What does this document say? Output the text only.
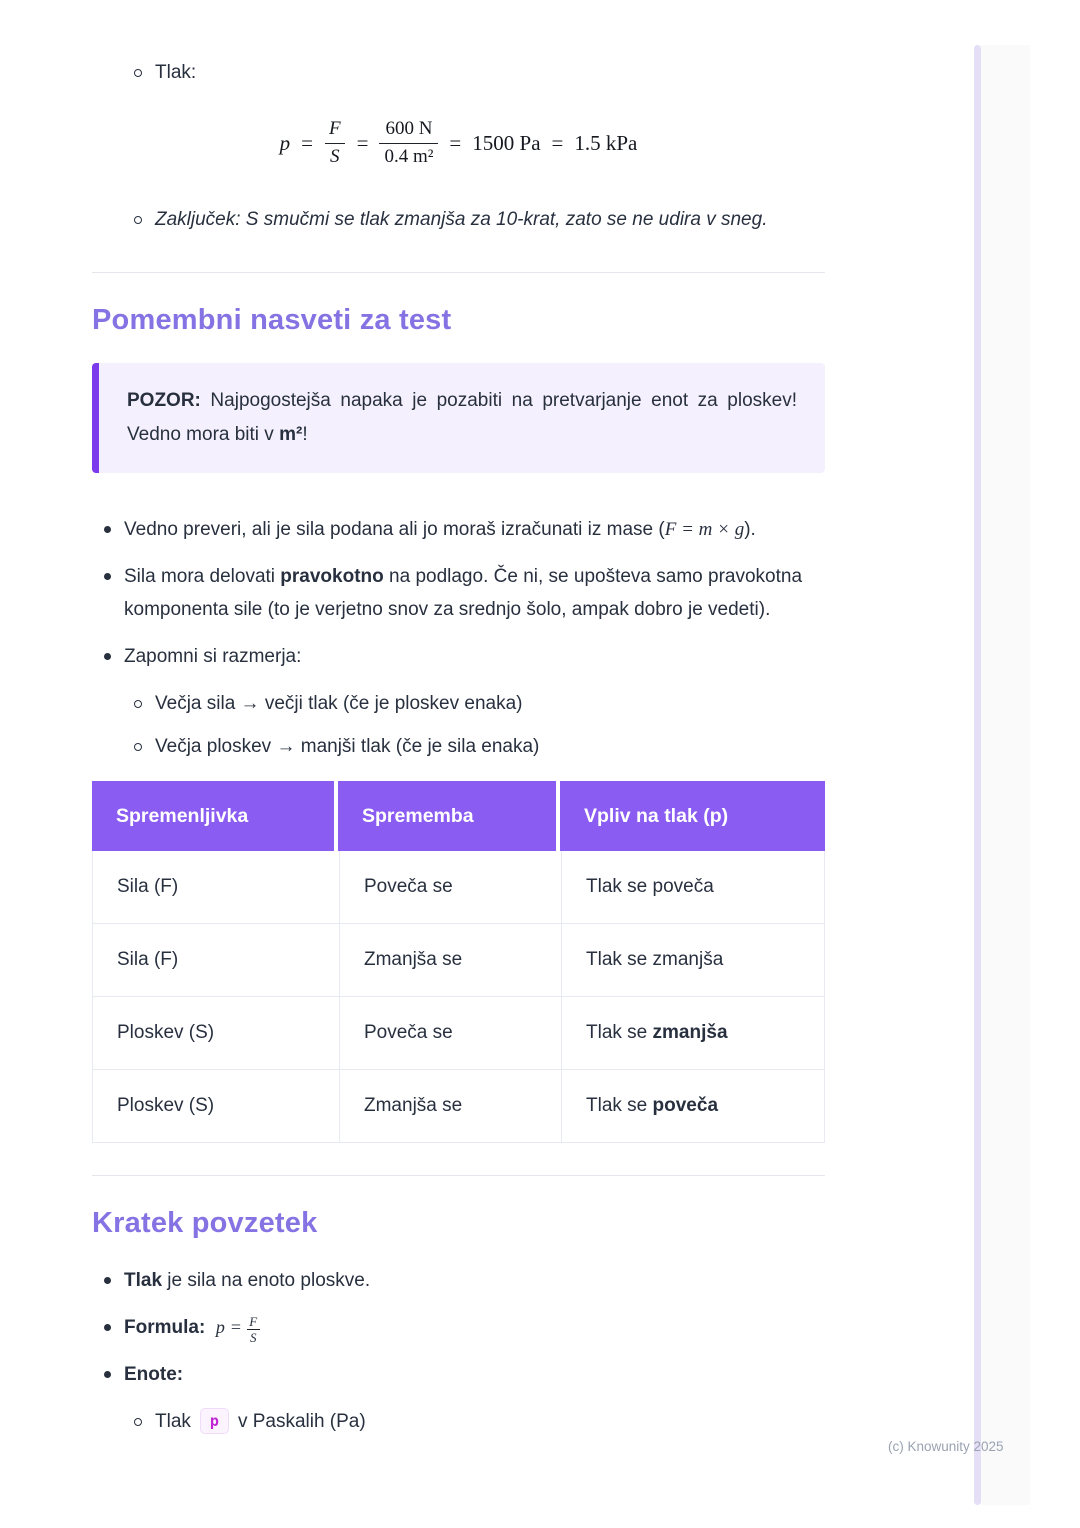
Tlak:
$p = \frac{F}{S} = \frac{600 N}{\text{0.4 m²}} = 1500$ Pa = 1.5 kPa
Zaključek: S smučmi se tlak zmanjša za 10-krat, zato se ne udira v sneg.
Pomembni nasveti za test
POZOR: Najpogostejša napaka je pozabiti na pretvarjanje enot za ploskev! Vedno mora biti v m²!
Vedno preveri, ali je sila podana ali jo moraš izračunati iz mase (F = m × g).
Sila mora delovati pravokotno na podlago. Če ni, se upošteva samo pravokotna komponenta sile (to je verjetno snov za srednjo šolo, ampak dobro je vedeti).
Zapomni si razmerja:
Večja sila → večji tlak (če je ploskev enaka)
Večja ploskev → manjši tlak (če je sila enaka)
Spremenljivka	Sprememba	Vpliv na tlak (p)
Sila (F)	Poveča se	Tlak se poveča
Sila (F)	Zmanjša se	Tlak se zmanjša
Ploskev (S)	Poveča se	Tlak se zmanjša
Ploskev (S)	Zmanjša se	Tlak se poveča
Kratek povzetek
Tlak je sila na enoto ploskve.
Formula: $p = \frac{F}{S}$
Enote:
Tlak p v Paskalih (Pa)
(c) Knowunity 2025
